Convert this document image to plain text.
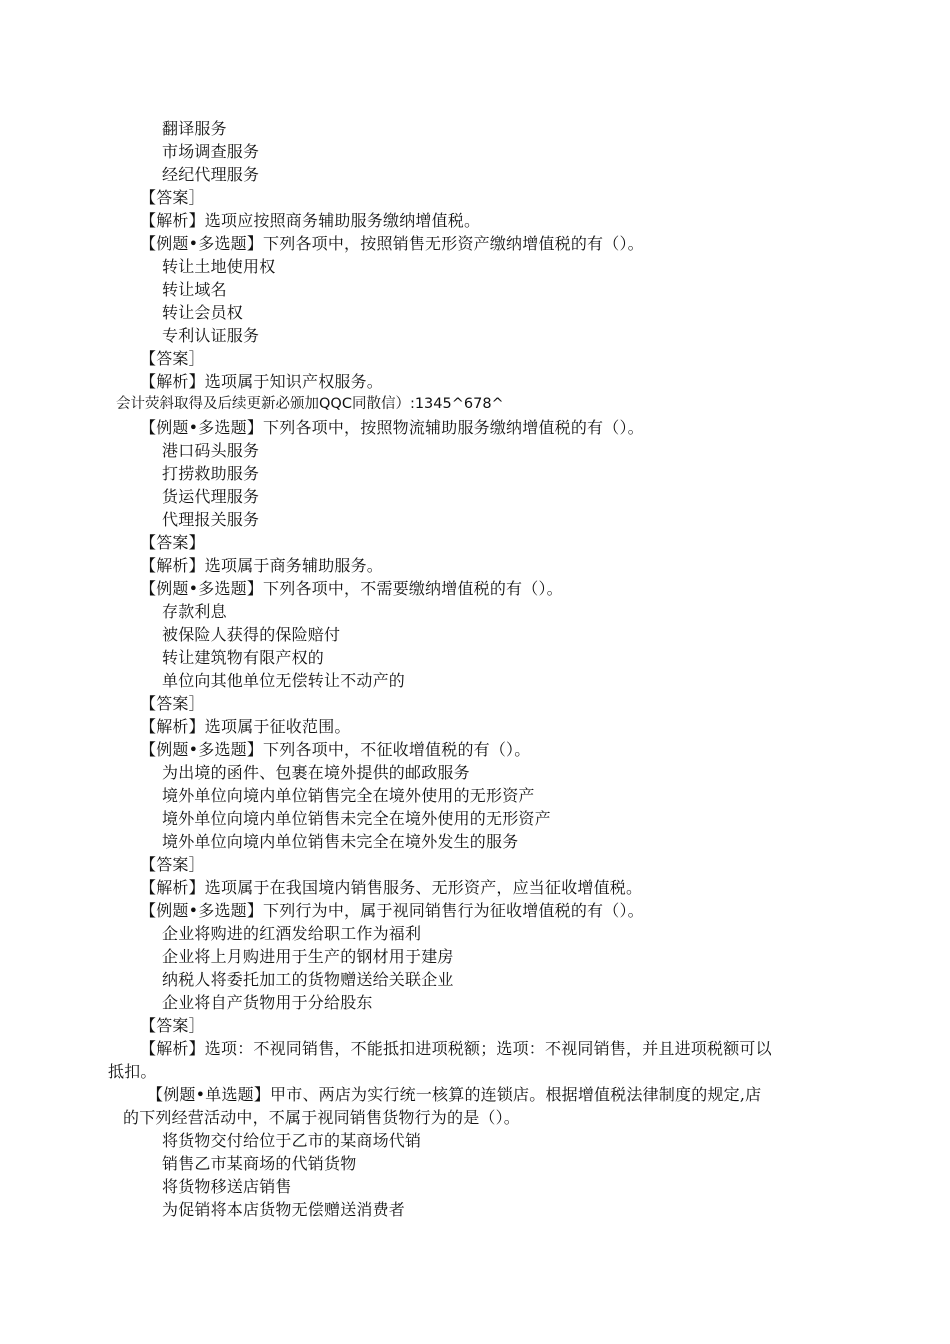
翻译服务
市场调查服务
经纪代理服务
【答案］
【解析】选项应按照商务辅助服务缴纳增值税。
【例题•多选题】下列各项中，按照销售无形资产缴纳增值税的有（）。
转让土地使用权
转让域名
转让会员权
专利认证服务
【答案］
【解析】选项属于知识产权服务。
会计荧斜取得及后续更新必颁加QQC同散信）:1345^678^
【例题•多选题】下列各项中，按照物流辅助服务缴纳增值税的有（）。
港口码头服务
打捞救助服务
货运代理服务
代理报关服务
【答案】
【解析】选项属于商务辅助服务。
【例题•多选题】下列各项中，不需要缴纳增值税的有（）。
存款利息
被保险人获得的保险赔付
转让建筑物有限产权的
单位向其他单位无偿转让不动产的
【答案］
【解析】选项属于征收范围。
【例题•多选题】下列各项中，不征收增值税的有（）。
为出境的函件、包裹在境外提供的邮政服务
境外单位向境内单位销售完全在境外使用的无形资产
境外单位向境内单位销售未完全在境外使用的无形资产
境外单位向境内单位销售未完全在境外发生的服务
【答案］
【解析】选项属于在我国境内销售服务、无形资产，应当征收增值税。
【例题•多选题】下列行为中，属于视同销售行为征收增值税的有（）。
企业将购进的红酒发给职工作为福利
企业将上月购进用于生产的钢材用于建房
纳税人将委托加工的货物赠送给关联企业
企业将自产货物用于分给股东
【答案］
【解析】选项：不视同销售，不能抵扣进项税额；选项：不视同销售，并且进项税额可以
抵扣。
【例题•单选题】甲市、两店为实行统一核算的连锁店。根据增值税法律制度的规定,店
的下列经营活动中，不属于视同销售货物行为的是（）。
将货物交付给位于乙市的某商场代销
销售乙市某商场的代销货物
将货物移送店销售
为促销将本店货物无偿赠送消费者
